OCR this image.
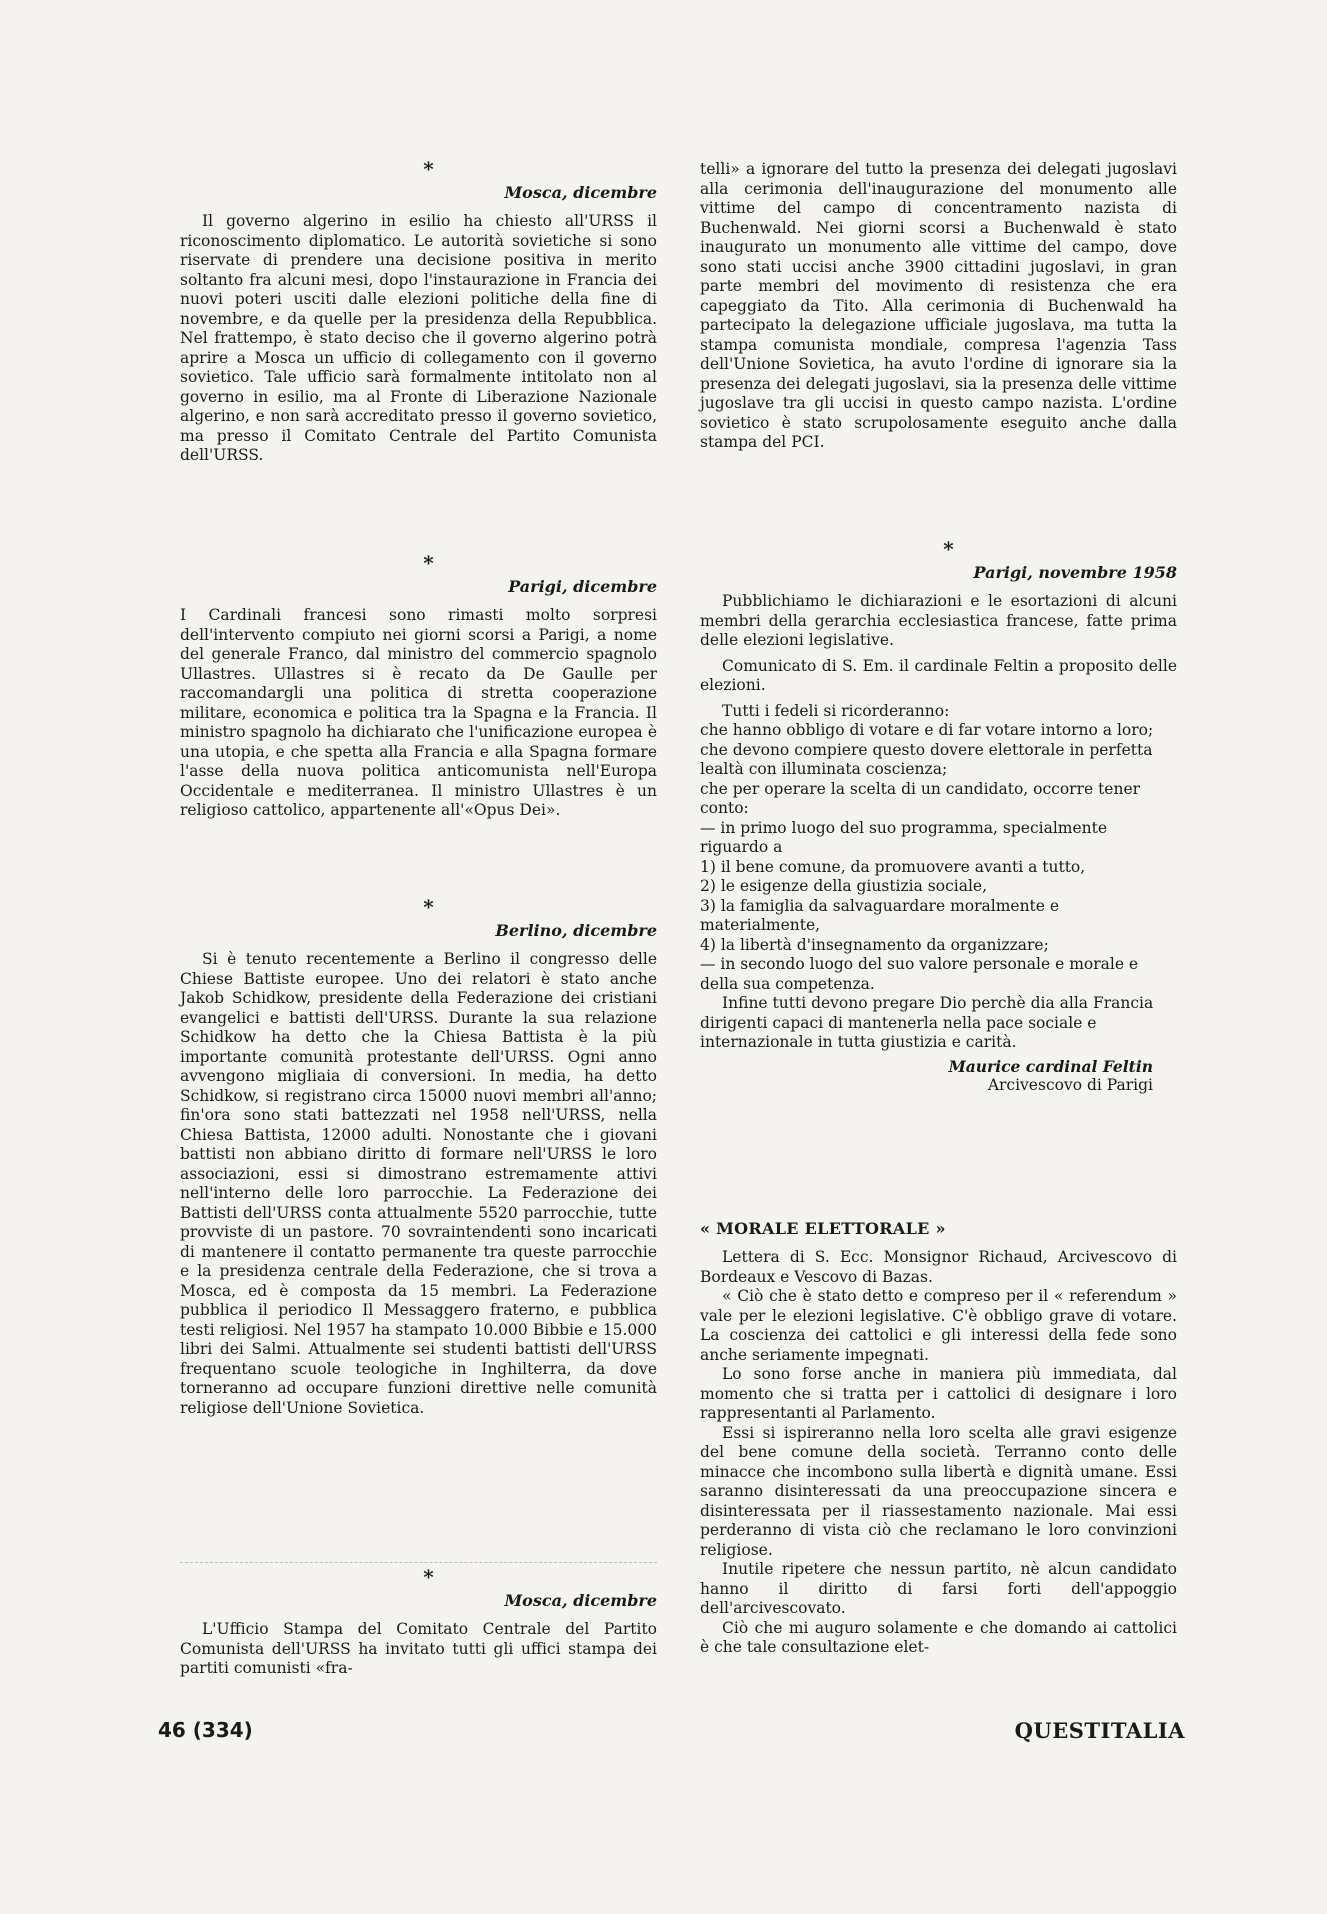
*
Mosca, dicembre

Il governo algerino in esilio ha chiesto all'URSS il riconoscimento diplomatico. Le autorità sovietiche si sono riservate di prendere una decisione positiva in merito soltanto fra alcuni mesi, dopo l'instaurazione in Francia dei nuovi poteri usciti dalle elezioni politiche della fine di novembre, e da quelle per la presidenza della Repubblica. Nel frattempo, è stato deciso che il governo algerino potrà aprire a Mosca un ufficio di collegamento con il governo sovietico. Tale ufficio sarà formalmente intitolato non al governo in esilio, ma al Fronte di Liberazione Nazionale algerino, e non sarà accreditato presso il governo sovietico, ma presso il Comitato Centrale del Partito Comunista dell'URSS.

*
Parigi, dicembre

I Cardinali francesi sono rimasti molto sorpresi dell'intervento compiuto nei giorni scorsi a Parigi, a nome del generale Franco, dal ministro del commercio spagnolo Ullastres. Ullastres si è recato da De Gaulle per raccomandargli una politica di stretta cooperazione militare, economica e politica tra la Spagna e la Francia. Il ministro spagnolo ha dichiarato che l'unificazione europea è una utopia, e che spetta alla Francia e alla Spagna formare l'asse della nuova politica anticomunista nell'Europa Occidentale e mediterranea. Il ministro Ullastres è un religioso cattolico, appartenente all'«Opus Dei».

*
Berlino, dicembre

Si è tenuto recentemente a Berlino il congresso delle Chiese Battiste europee. Uno dei relatori è stato anche Jakob Schidkow, presidente della Federazione dei cristiani evangelici e battisti dell'URSS. Durante la sua relazione Schidkow ha detto che la Chiesa Battista è la più importante comunità protestante dell'URSS. Ogni anno avvengono migliaia di conversioni. In media, ha detto Schidkow, si registrano circa 15000 nuovi membri all'anno; fin'ora sono stati battezzati nel 1958 nell'URSS, nella Chiesa Battista, 12000 adulti. Nonostante che i giovani battisti non abbiano diritto di formare nell'URSS le loro associazioni, essi si dimostrano estremamente attivi nell'interno delle loro parrocchie. La Federazione dei Battisti dell'URSS conta attualmente 5520 parrocchie, tutte provviste di un pastore. 70 sovraintendenti sono incaricati di mantenere il contatto permanente tra queste parrocchie e la presidenza centrale della Federazione, che si trova a Mosca, ed è composta da 15 membri. La Federazione pubblica il periodico Il Messaggero fraterno, e pubblica testi religiosi. Nel 1957 ha stampato 10.000 Bibbie e 15.000 libri dei Salmi. Attualmente sei studenti battisti dell'URSS frequentano scuole teologiche in Inghilterra, da dove torneranno ad occupare funzioni direttive nelle comunità religiose dell'Unione Sovietica.

*
Mosca, dicembre

L'Ufficio Stampa del Comitato Centrale del Partito Comunista dell'URSS ha invitato tutti gli uffici stampa dei partiti comunisti «fra-

telli» a ignorare del tutto la presenza dei delegati jugoslavi alla cerimonia dell'inaugurazione del monumento alle vittime del campo di concentramento nazista di Buchenwald. Nei giorni scorsi a Buchenwald è stato inaugurato un monumento alle vittime del campo, dove sono stati uccisi anche 3900 cittadini jugoslavi, in gran parte membri del movimento di resistenza che era capeggiato da Tito. Alla cerimonia di Buchenwald ha partecipato la delegazione ufficiale jugoslava, ma tutta la stampa comunista mondiale, compresa l'agenzia Tass dell'Unione Sovietica, ha avuto l'ordine di ignorare sia la presenza dei delegati jugoslavi, sia la presenza delle vittime jugoslave tra gli uccisi in questo campo nazista. L'ordine sovietico è stato scrupolosamente eseguito anche dalla stampa del PCI.

*
Parigi, novembre 1958

Pubblichiamo le dichiarazioni e le esortazioni di alcuni membri della gerarchia ecclesiastica francese, fatte prima delle elezioni legislative.

Comunicato di S. Em. il cardinale Feltin a proposito delle elezioni.

Tutti i fedeli si ricorderanno:

che hanno obbligo di votare e di far votare intorno a loro;

che devono compiere questo dovere elettorale in perfetta lealtà con illuminata coscienza;

che per operare la scelta di un candidato, occorre tener conto:

— in primo luogo del suo programma, specialmente riguardo a

1) il bene comune, da promuovere avanti a tutto,

2) le esigenze della giustizia sociale,

3) la famiglia da salvaguardare moralmente e materialmente,

4) la libertà d'insegnamento da organizzare;

— in secondo luogo del suo valore personale e morale e della sua competenza.

Infine tutti devono pregare Dio perchè dia alla Francia dirigenti capaci di mantenerla nella pace sociale e internazionale in tutta giustizia e carità.

Maurice cardinal Feltin
Arcivescovo di Parigi
« MORALE ELETTORALE »

Lettera di S. Ecc. Monsignor Richaud, Arcivescovo di Bordeaux e Vescovo di Bazas.

« Ciò che è stato detto e compreso per il « referendum » vale per le elezioni legislative. C'è obbligo grave di votare. La coscienza dei cattolici e gli interessi della fede sono anche seriamente impegnati.

Lo sono forse anche in maniera più immediata, dal momento che si tratta per i cattolici di designare i loro rappresentanti al Parlamento.

Essi si ispireranno nella loro scelta alle gravi esigenze del bene comune della società. Terranno conto delle minacce che incombono sulla libertà e dignità umane. Essi saranno disinteressati da una preoccupazione sincera e disinteressata per il riassestamento nazionale. Mai essi perderanno di vista ciò che reclamano le loro convinzioni religiose.

Inutile ripetere che nessun partito, nè alcun candidato hanno il diritto di farsi forti dell'appoggio dell'arcivescovato.

Ciò che mi auguro solamente e che domando ai cattolici è che tale consultazione elet-

46 (334)	QUESTITALIA
